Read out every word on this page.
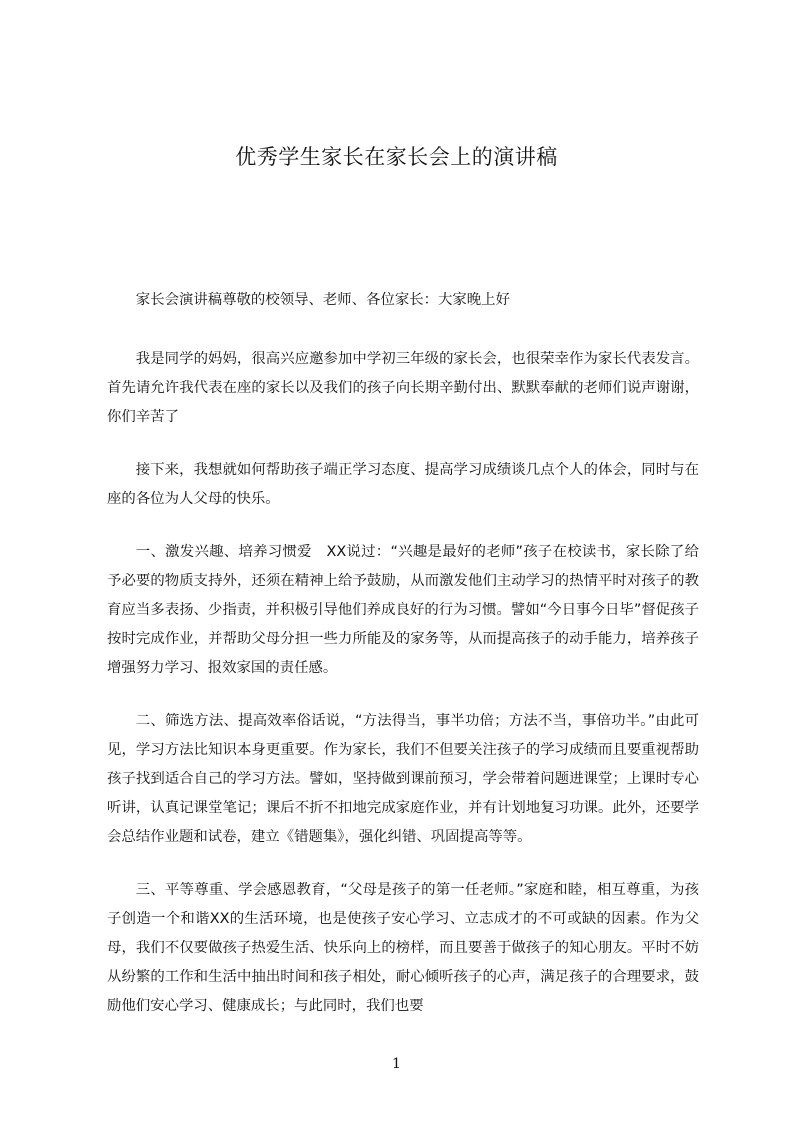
优秀学生家长在家长会上的演讲稿

家长会演讲稿尊敬的校领导、老师、各位家长：大家晚上好

我是同学的妈妈，很高兴应邀参加中学初三年级的家长会，也很荣幸作为家长代表发言。首先请允许我代表在座的家长以及我们的孩子向长期辛勤付出、默默奉献的老师们说声谢谢，你们辛苦了

接下来，我想就如何帮助孩子端正学习态度、提高学习成绩谈几点个人的体会，同时与在座的各位为人父母的快乐。

一、激发兴趣、培养习惯爱　XX说过：“兴趣是最好的老师”孩子在校读书，家长除了给予必要的物质支持外，还须在精神上给予鼓励，从而激发他们主动学习的热情平时对孩子的教育应当多表扬、少指责，并积极引导他们养成良好的行为习惯。譬如“今日事今日毕”督促孩子按时完成作业，并帮助父母分担一些力所能及的家务等，从而提高孩子的动手能力，培养孩子增强努力学习、报效家国的责任感。

二、筛选方法、提高效率俗话说，“方法得当，事半功倍；方法不当，事倍功半。”由此可见，学习方法比知识本身更重要。作为家长，我们不但要关注孩子的学习成绩而且要重视帮助孩子找到适合自己的学习方法。譬如，坚持做到课前预习，学会带着问题进课堂；上课时专心听讲，认真记课堂笔记；课后不折不扣地完成家庭作业，并有计划地复习功课。此外，还要学会总结作业题和试卷，建立《错题集》，强化纠错、巩固提高等等。

三、平等尊重、学会感恩教育，“父母是孩子的第一任老师。”家庭和睦，相互尊重，为孩子创造一个和谐XX的生活环境，也是使孩子安心学习、立志成才的不可或缺的因素。作为父母，我们不仅要做孩子热爱生活、快乐向上的榜样，而且要善于做孩子的知心朋友。平时不妨从纷繁的工作和生活中抽出时间和孩子相处，耐心倾听孩子的心声，满足孩子的合理要求，鼓励他们安心学习、健康成长；与此同时，我们也要

1
